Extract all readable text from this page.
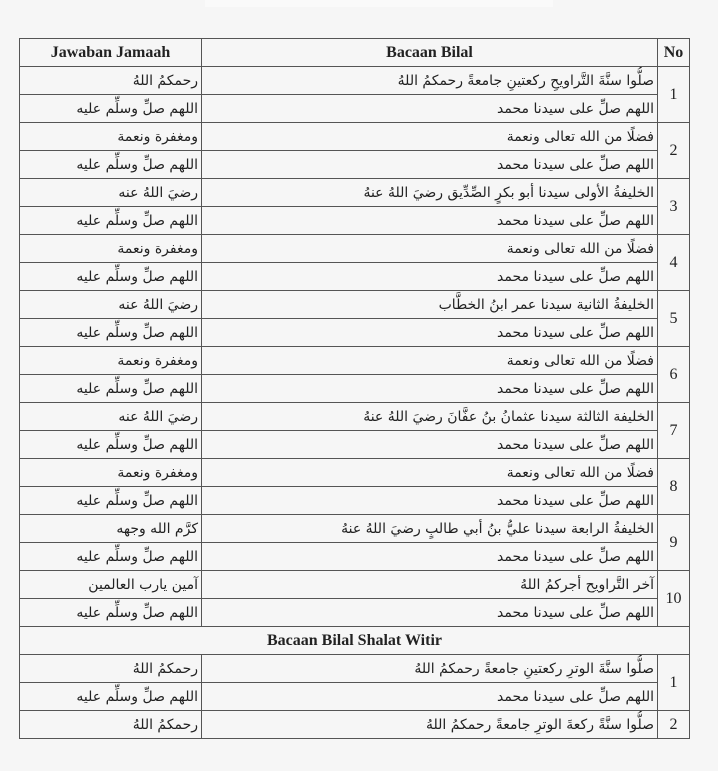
Jawaban Jamaah	Bacaan Bilal	No
رحمكمُ اللهُ	صلُّوا سنَّةَ التَّراويحِ ركعتينِ جامعةً رحمكمُ اللهُ	1
اللهم صلِّ وسلِّم عليه	اللهم صلِّ على سيدنا محمد	
ومغفرة ونعمة	فضلًا من الله تعالى ونعمة	2
اللهم صلِّ وسلِّم عليه	اللهم صلِّ على سيدنا محمد	
رضيَ اللهُ عنه	الخليفةُ الأولى سيدنا أبو بكرٍ الصِّدِّيق رضيَ اللهُ عنهُ	3
اللهم صلِّ وسلِّم عليه	اللهم صلِّ على سيدنا محمد	
ومغفرة ونعمة	فضلًا من الله تعالى ونعمة	4
اللهم صلِّ وسلِّم عليه	اللهم صلِّ على سيدنا محمد	
رضيَ اللهُ عنه	الخليفةُ الثانية سيدنا عمر ابنُ الخطَّاب	5
اللهم صلِّ وسلِّم عليه	اللهم صلِّ على سيدنا محمد	
ومغفرة ونعمة	فضلًا من الله تعالى ونعمة	6
اللهم صلِّ وسلِّم عليه	اللهم صلِّ على سيدنا محمد	
رضيَ اللهُ عنه	الخليفة الثالثة سيدنا عثمانُ بنُ عفَّانَ رضيَ اللهُ عنهُ	7
اللهم صلِّ وسلِّم عليه	اللهم صلِّ على سيدنا محمد	
ومغفرة ونعمة	فضلًا من الله تعالى ونعمة	8
اللهم صلِّ وسلِّم عليه	اللهم صلِّ على سيدنا محمد	
كرَّم الله وجهه	الخليفةُ الرابعة سيدنا عليُّ بنُ أبي طالبٍ رضيَ اللهُ عنهُ	9
اللهم صلِّ وسلِّم عليه	اللهم صلِّ على سيدنا محمد	
آمين يارب العالمين	آخر التَّراويح أجركمُ اللهُ	10
اللهم صلِّ وسلِّم عليه	اللهم صلِّ على سيدنا محمد	
Bacaan Bilal Shalat Witir		
رحمكمُ اللهُ	صلُّوا سنَّةَ الوترِ ركعتينِ جامعةً رحمكمُ اللهُ	1
اللهم صلِّ وسلِّم عليه	اللهم صلِّ على سيدنا محمد	
رحمكمُ اللهُ	صلُّوا سنَّةً ركعةَ الوترِ جامعةً رحمكمُ اللهُ	2
